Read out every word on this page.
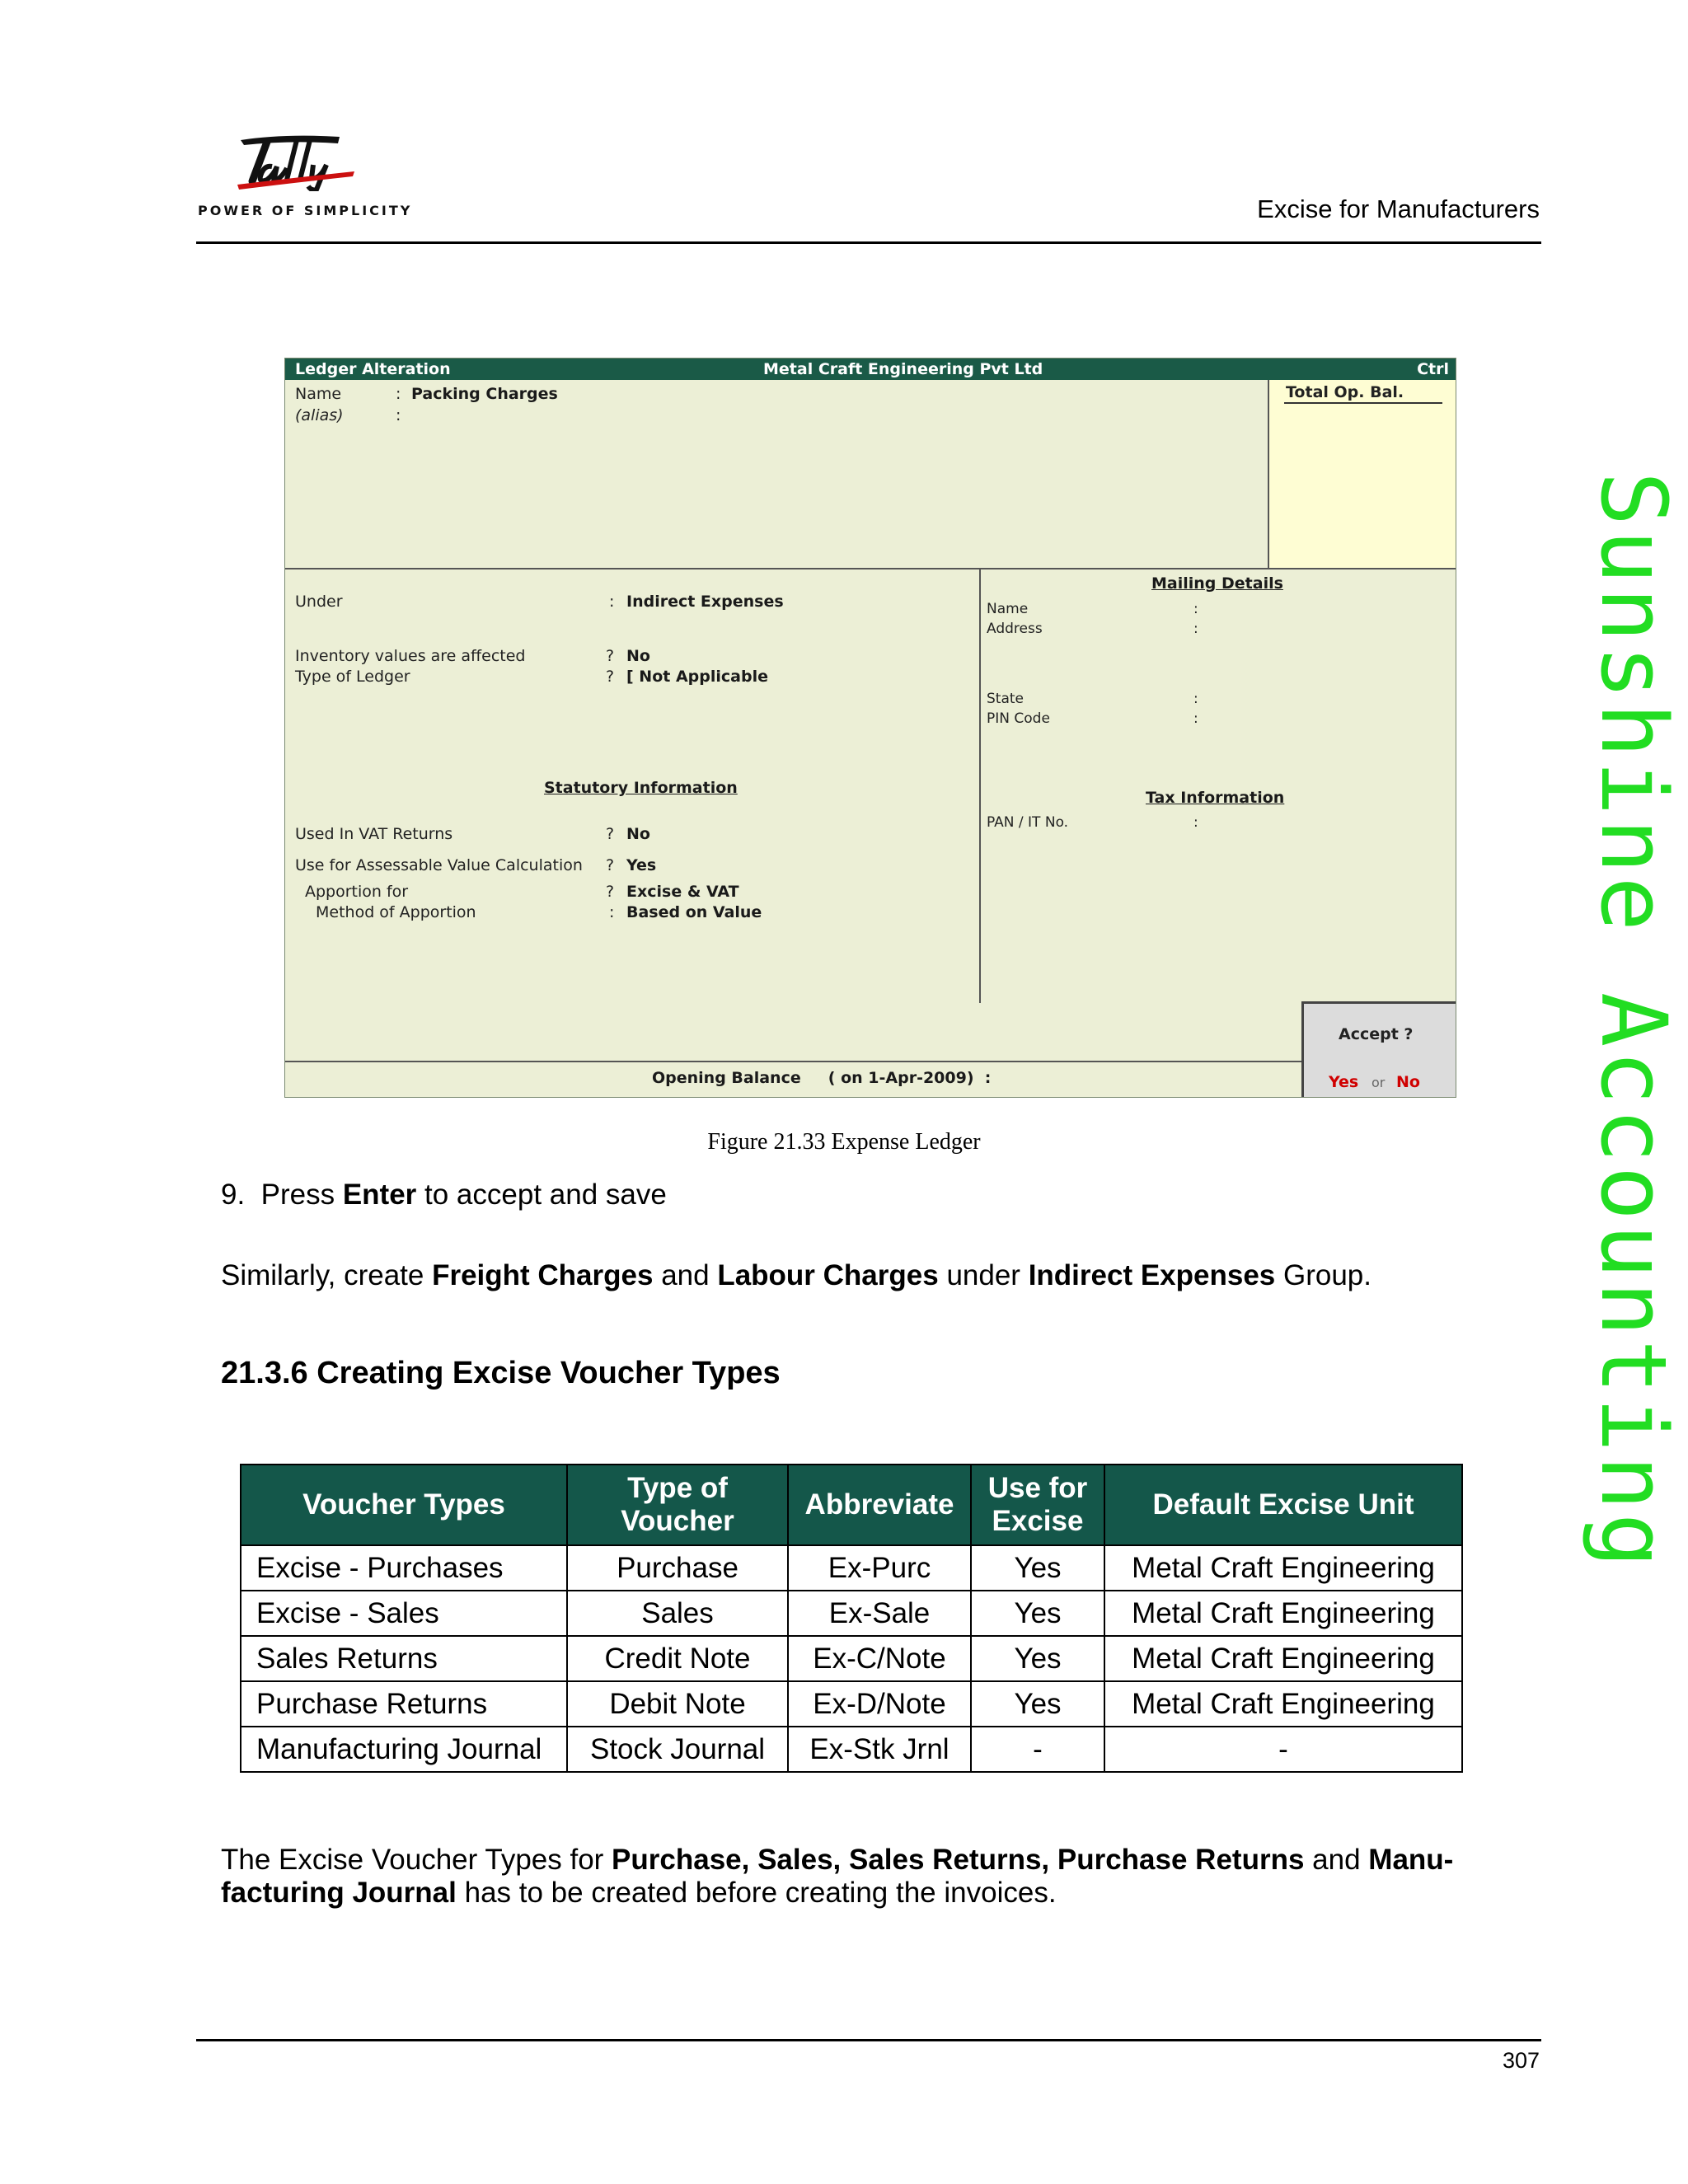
POWER OF SIMPLICITY	Excise for Manufacturers
Ledger Alteration	Metal Craft Engineering Pvt Ltd	Ctrl
Name	: Packing Charges
(alias)	:
Total Op. Bal.
Under	: Indirect Expenses
Inventory values are affected	? No
Type of Ledger	? [ Not Applicable
Statutory Information
Used In VAT Returns	? No
Use for Assessable Value Calculation ? Yes
Apportion for	? Excise & VAT
Method of Apportion	: Based on Value
Mailing Details
Name	:
Address	:
State	:
PIN Code	:
Tax Information
PAN / IT No.	:
Opening Balance     ( on 1-Apr-2009)  :
Accept ?
Yes or No
Figure 21.33 Expense Ledger
9.  Press Enter to accept and save
Similarly, create Freight Charges and Labour Charges under Indirect Expenses Group.
21.3.6 Creating Excise Voucher Types
Voucher Types	Type of Voucher	Abbreviate	Use for Excise	Default Excise Unit
Excise - Purchases	Purchase	Ex-Purc	Yes	Metal Craft Engineering
Excise - Sales	Sales	Ex-Sale	Yes	Metal Craft Engineering
Sales Returns	Credit Note	Ex-C/Note	Yes	Metal Craft Engineering
Purchase Returns	Debit Note	Ex-D/Note	Yes	Metal Craft Engineering
Manufacturing Journal	Stock Journal	Ex-Stk Jrnl	-	-
The Excise Voucher Types for Purchase, Sales, Sales Returns, Purchase Returns and Manu-facturing Journal has to be created before creating the invoices.
Sunshine Accounting
307
